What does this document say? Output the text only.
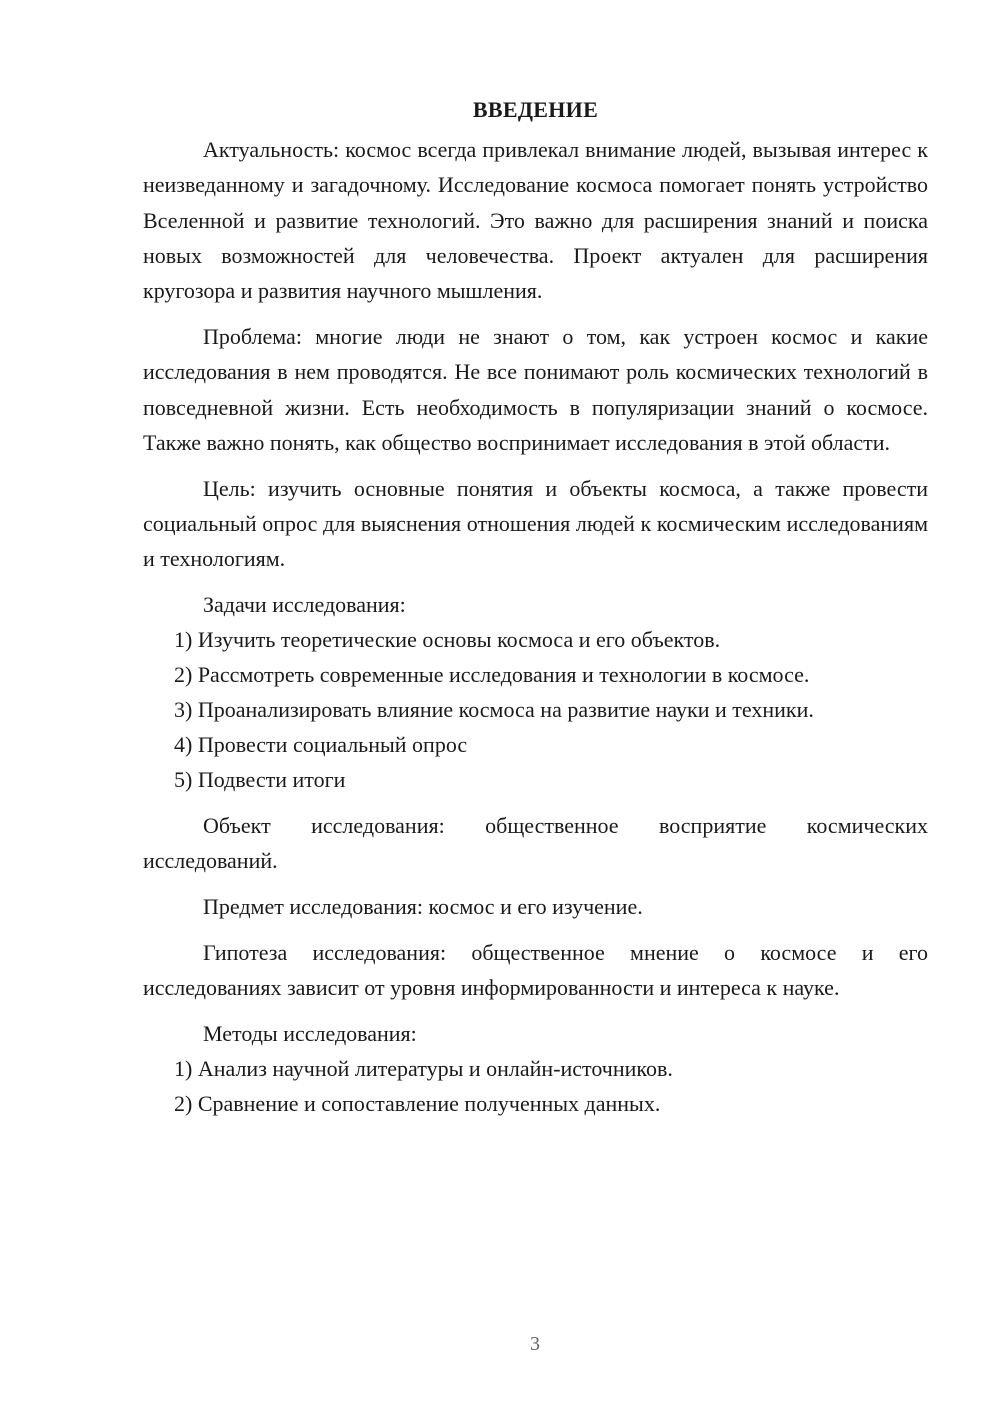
ВВЕДЕНИЕ

Актуальность: космос всегда привлекал внимание людей, вызывая интерес к неизведанному и загадочному. Исследование космоса помогает понять устройство Вселенной и развитие технологий. Это важно для расширения знаний и поиска новых возможностей для человечества. Проект актуален для расширения кругозора и развития научного мышления.

Проблема: многие люди не знают о том, как устроен космос и какие исследования в нем проводятся. Не все понимают роль космических технологий в повседневной жизни. Есть необходимость в популяризации знаний о космосе. Также важно понять, как общество воспринимает исследования в этой области.

Цель: изучить основные понятия и объекты космоса, а также провести социальный опрос для выяснения отношения людей к космическим исследованиям и технологиям.

Задачи исследования:

1) Изучить теоретические основы космоса и его объектов.

2) Рассмотреть современные исследования и технологии в космосе.

3) Проанализировать влияние космоса на развитие науки и техники.

4) Провести социальный опрос

5) Подвести итоги

Объект исследования: общественное восприятие космических исследований.

Предмет исследования: космос и его изучение.

Гипотеза исследования: общественное мнение о космосе и его исследованиях зависит от уровня информированности и интереса к науке.

Методы исследования:

1) Анализ научной литературы и онлайн-источников.

2) Сравнение и сопоставление полученных данных.

3
